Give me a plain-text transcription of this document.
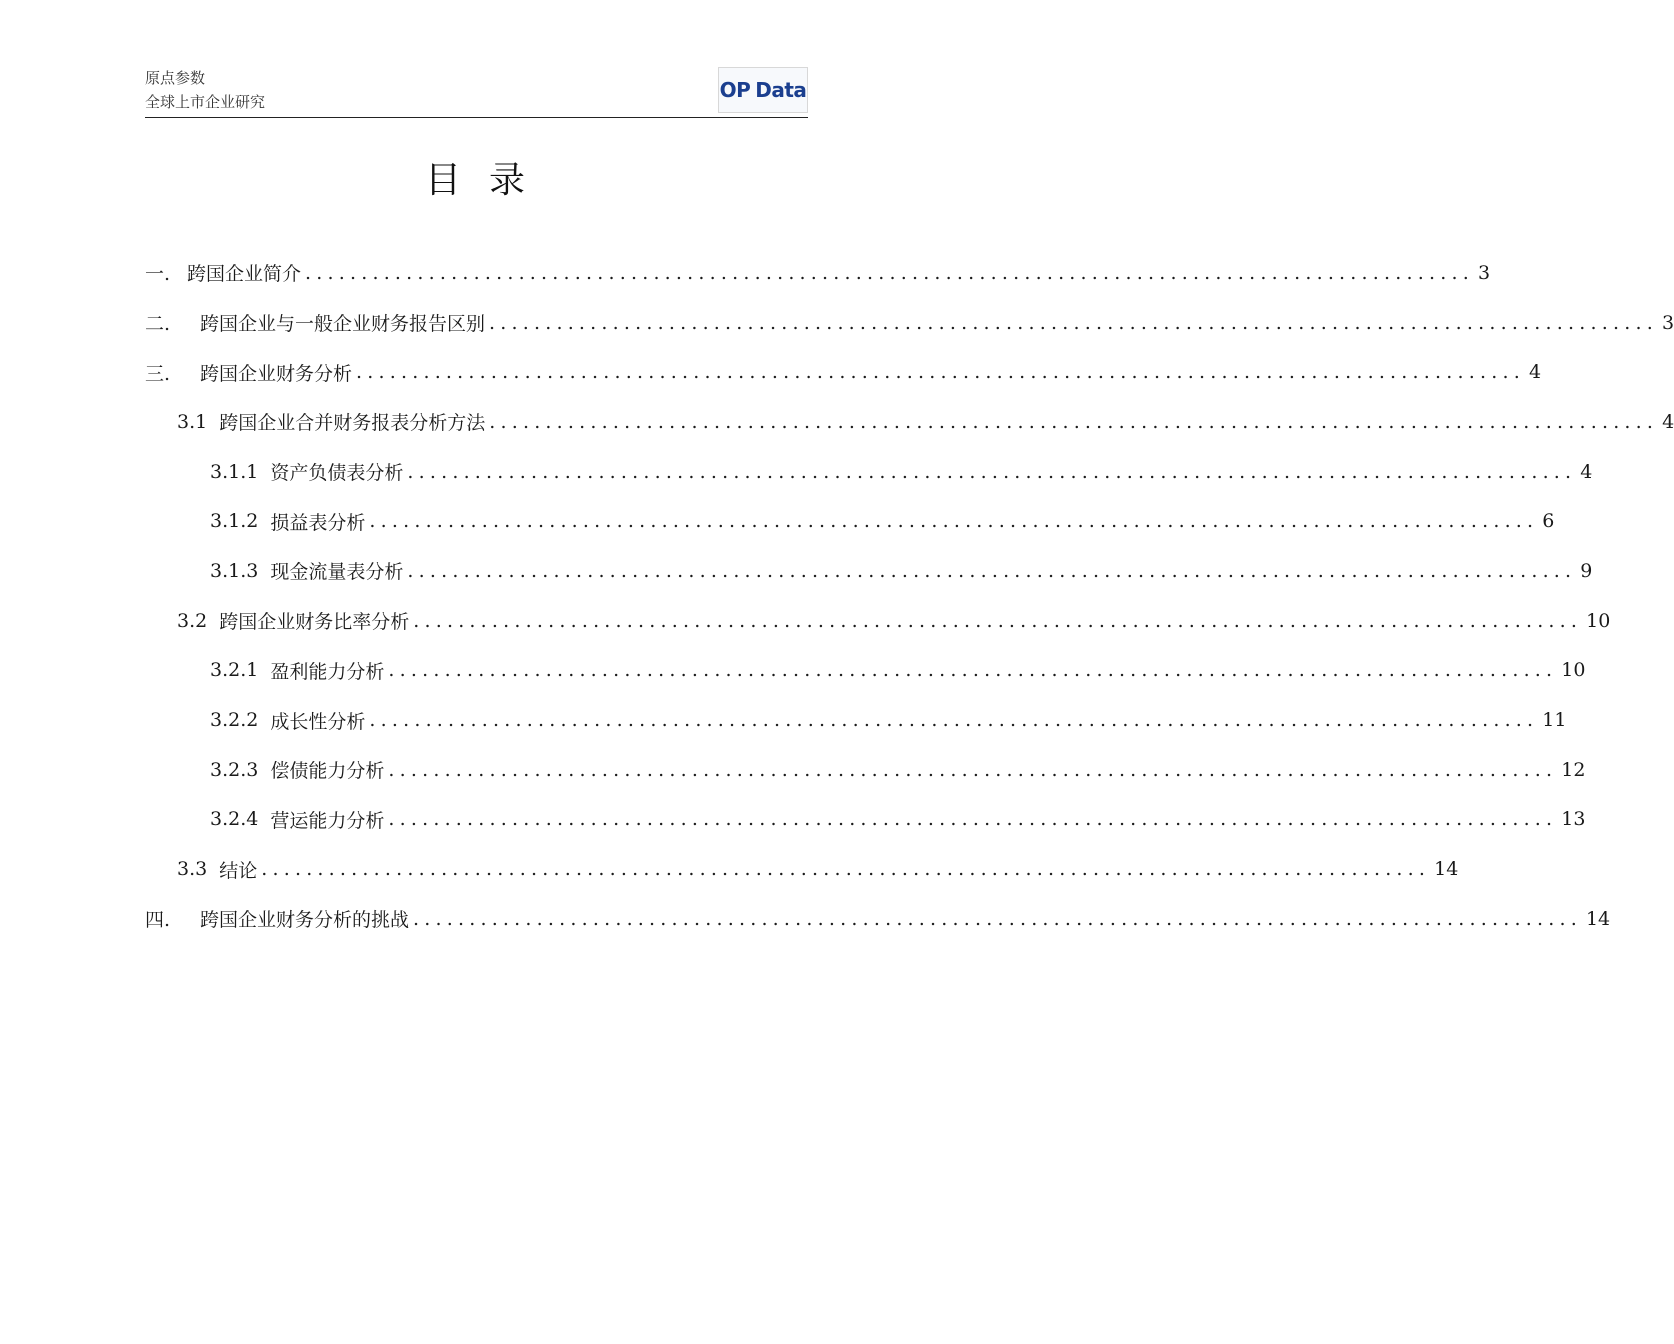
原点参数
全球上市企业研究	OP Data
目录
一. 跨国企业简介 ........................................................................................................ 3
二.	跨国企业与一般企业财务报告区别 ........................................................................................................ 3
三.	跨国企业财务分析 ........................................................................................................ 4
3.1 跨国企业合并财务报表分析方法 ........................................................................................................ 4
3.1.1 资产负债表分析 ........................................................................................................ 4
3.1.2 损益表分析 ........................................................................................................ 6
3.1.3 现金流量表分析 ........................................................................................................ 9
3.2 跨国企业财务比率分析 ........................................................................................................ 10
3.2.1 盈利能力分析 ........................................................................................................ 10
3.2.2 成长性分析 ........................................................................................................ 11
3.2.3 偿债能力分析 ........................................................................................................ 12
3.2.4 营运能力分析 ........................................................................................................ 13
3.3 结论 ........................................................................................................ 14
四.	跨国企业财务分析的挑战 ........................................................................................................ 14
